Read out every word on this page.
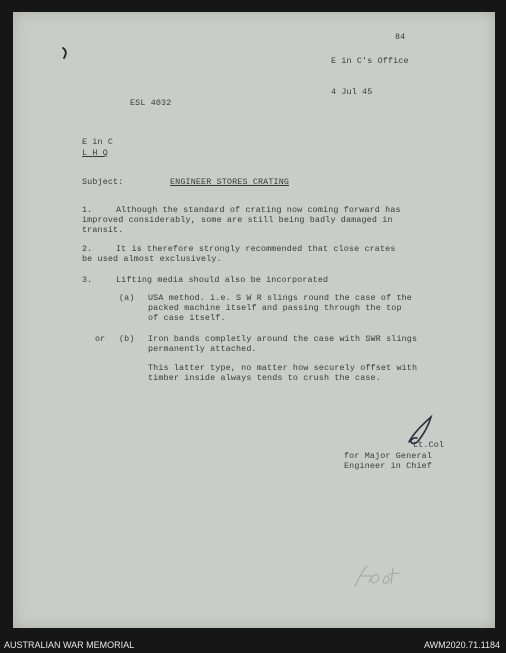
84
E in C's Office
4 Jul 45
ESL 4032
E in C
L H Q
Subject:	ENGINEER STORES CRATING
1.	Although the standard of crating now coming forward has
improved considerably, some are still being badly damaged in
transit.
2.	It is therefore strongly recommended that close crates
be used almost exclusively.
3.	Lifting media should also be incorporated
(a) USA method. i.e. S W R slings round the case of the
packed machine itself and passing through the top
of case itself.
or (b) Iron bands completly around the case with SWR slings
permanently attached.
This latter type, no matter how securely offset with
timber inside always tends to crush the case.
Lt.Col
for Major General
Engineer in Chief
AUSTRALIAN WAR MEMORIAL	AWM2020.71.1184
